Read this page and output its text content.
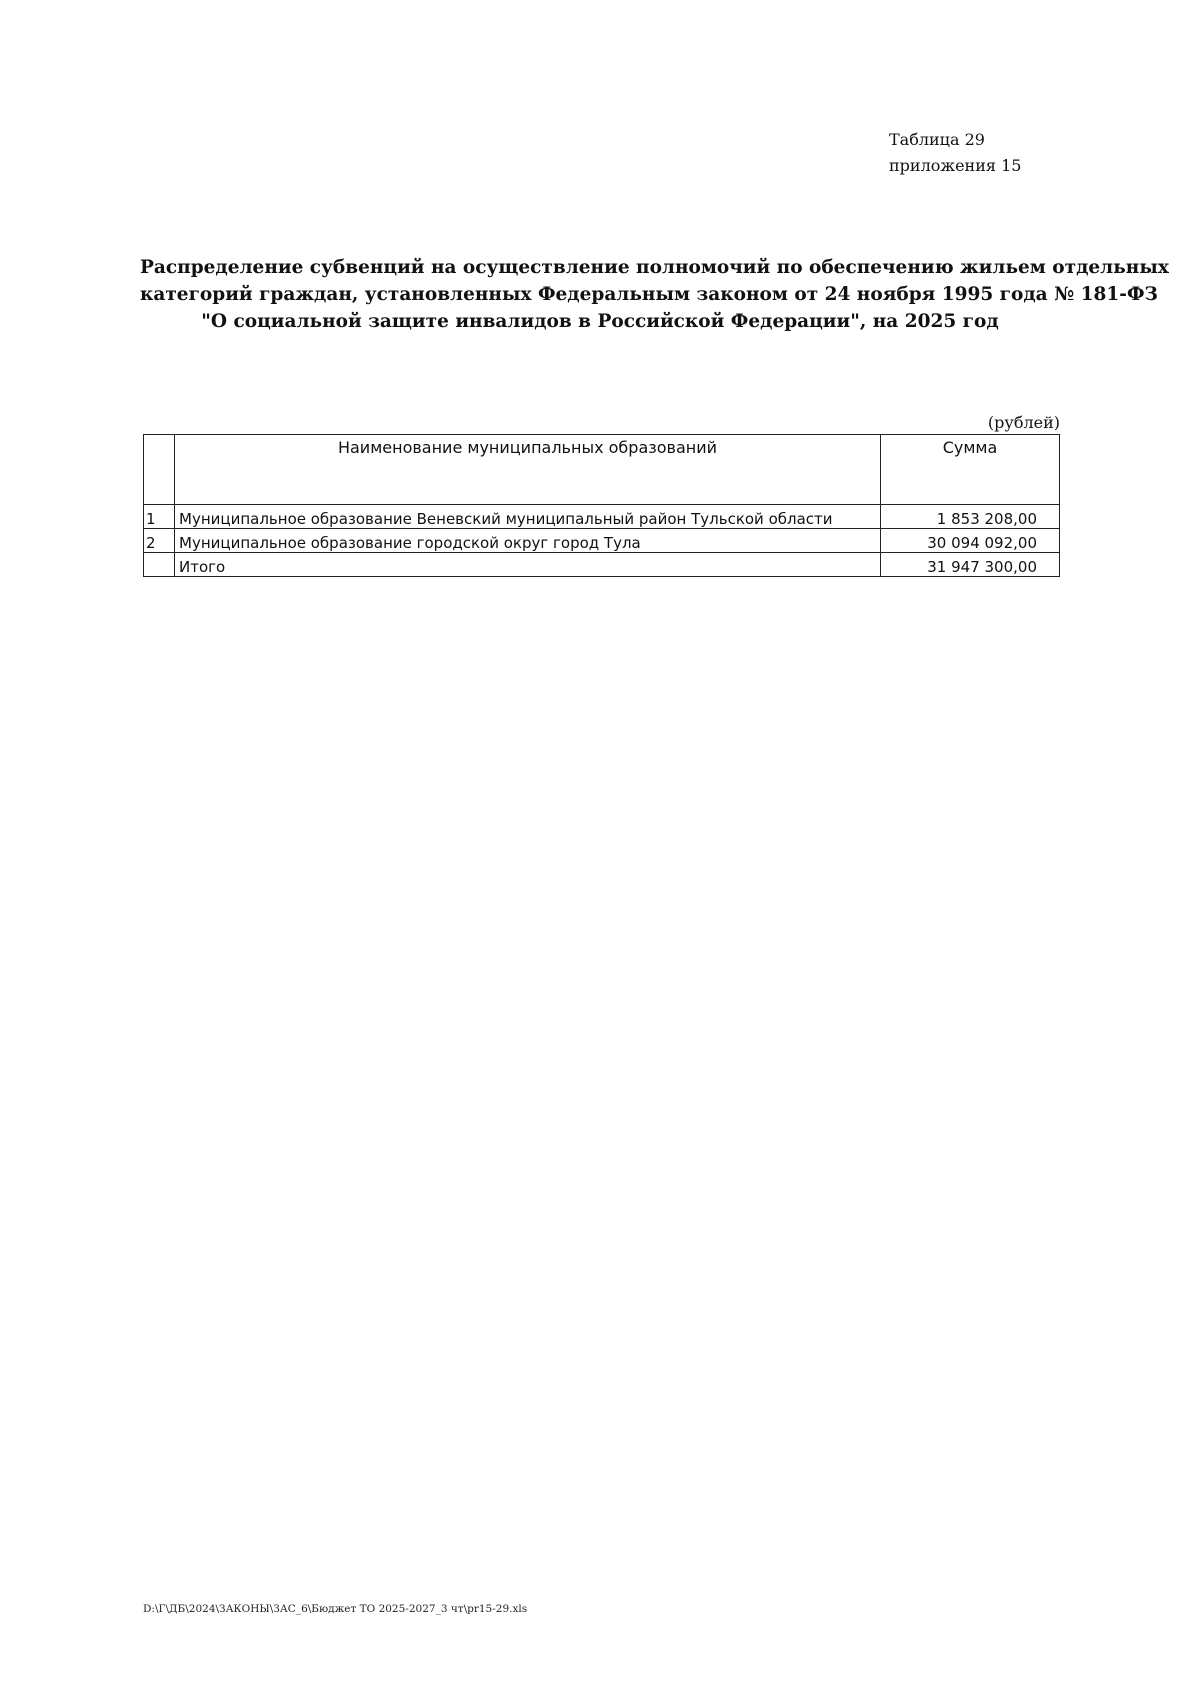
Таблица 29
приложения 15
Распределение субвенций на осуществление полномочий по обеспечению жильем отдельных
категорий граждан, установленных Федеральным законом от 24 ноября 1995 года № 181-ФЗ
"О социальной защите инвалидов в Российской Федерации", на 2025 год
(рублей)
	Наименование муниципальных образований	Сумма
1	Муниципальное образование Веневский муниципальный район Тульской области	1 853 208,00
2	Муниципальное образование городской округ город Тула	30 094 092,00
	Итого	31 947 300,00
D:\Г\ДБ\2024\ЗАКОНЫ\ЗАС_6\Бюджет ТО 2025-2027_3 чт\pr15-29.xls
